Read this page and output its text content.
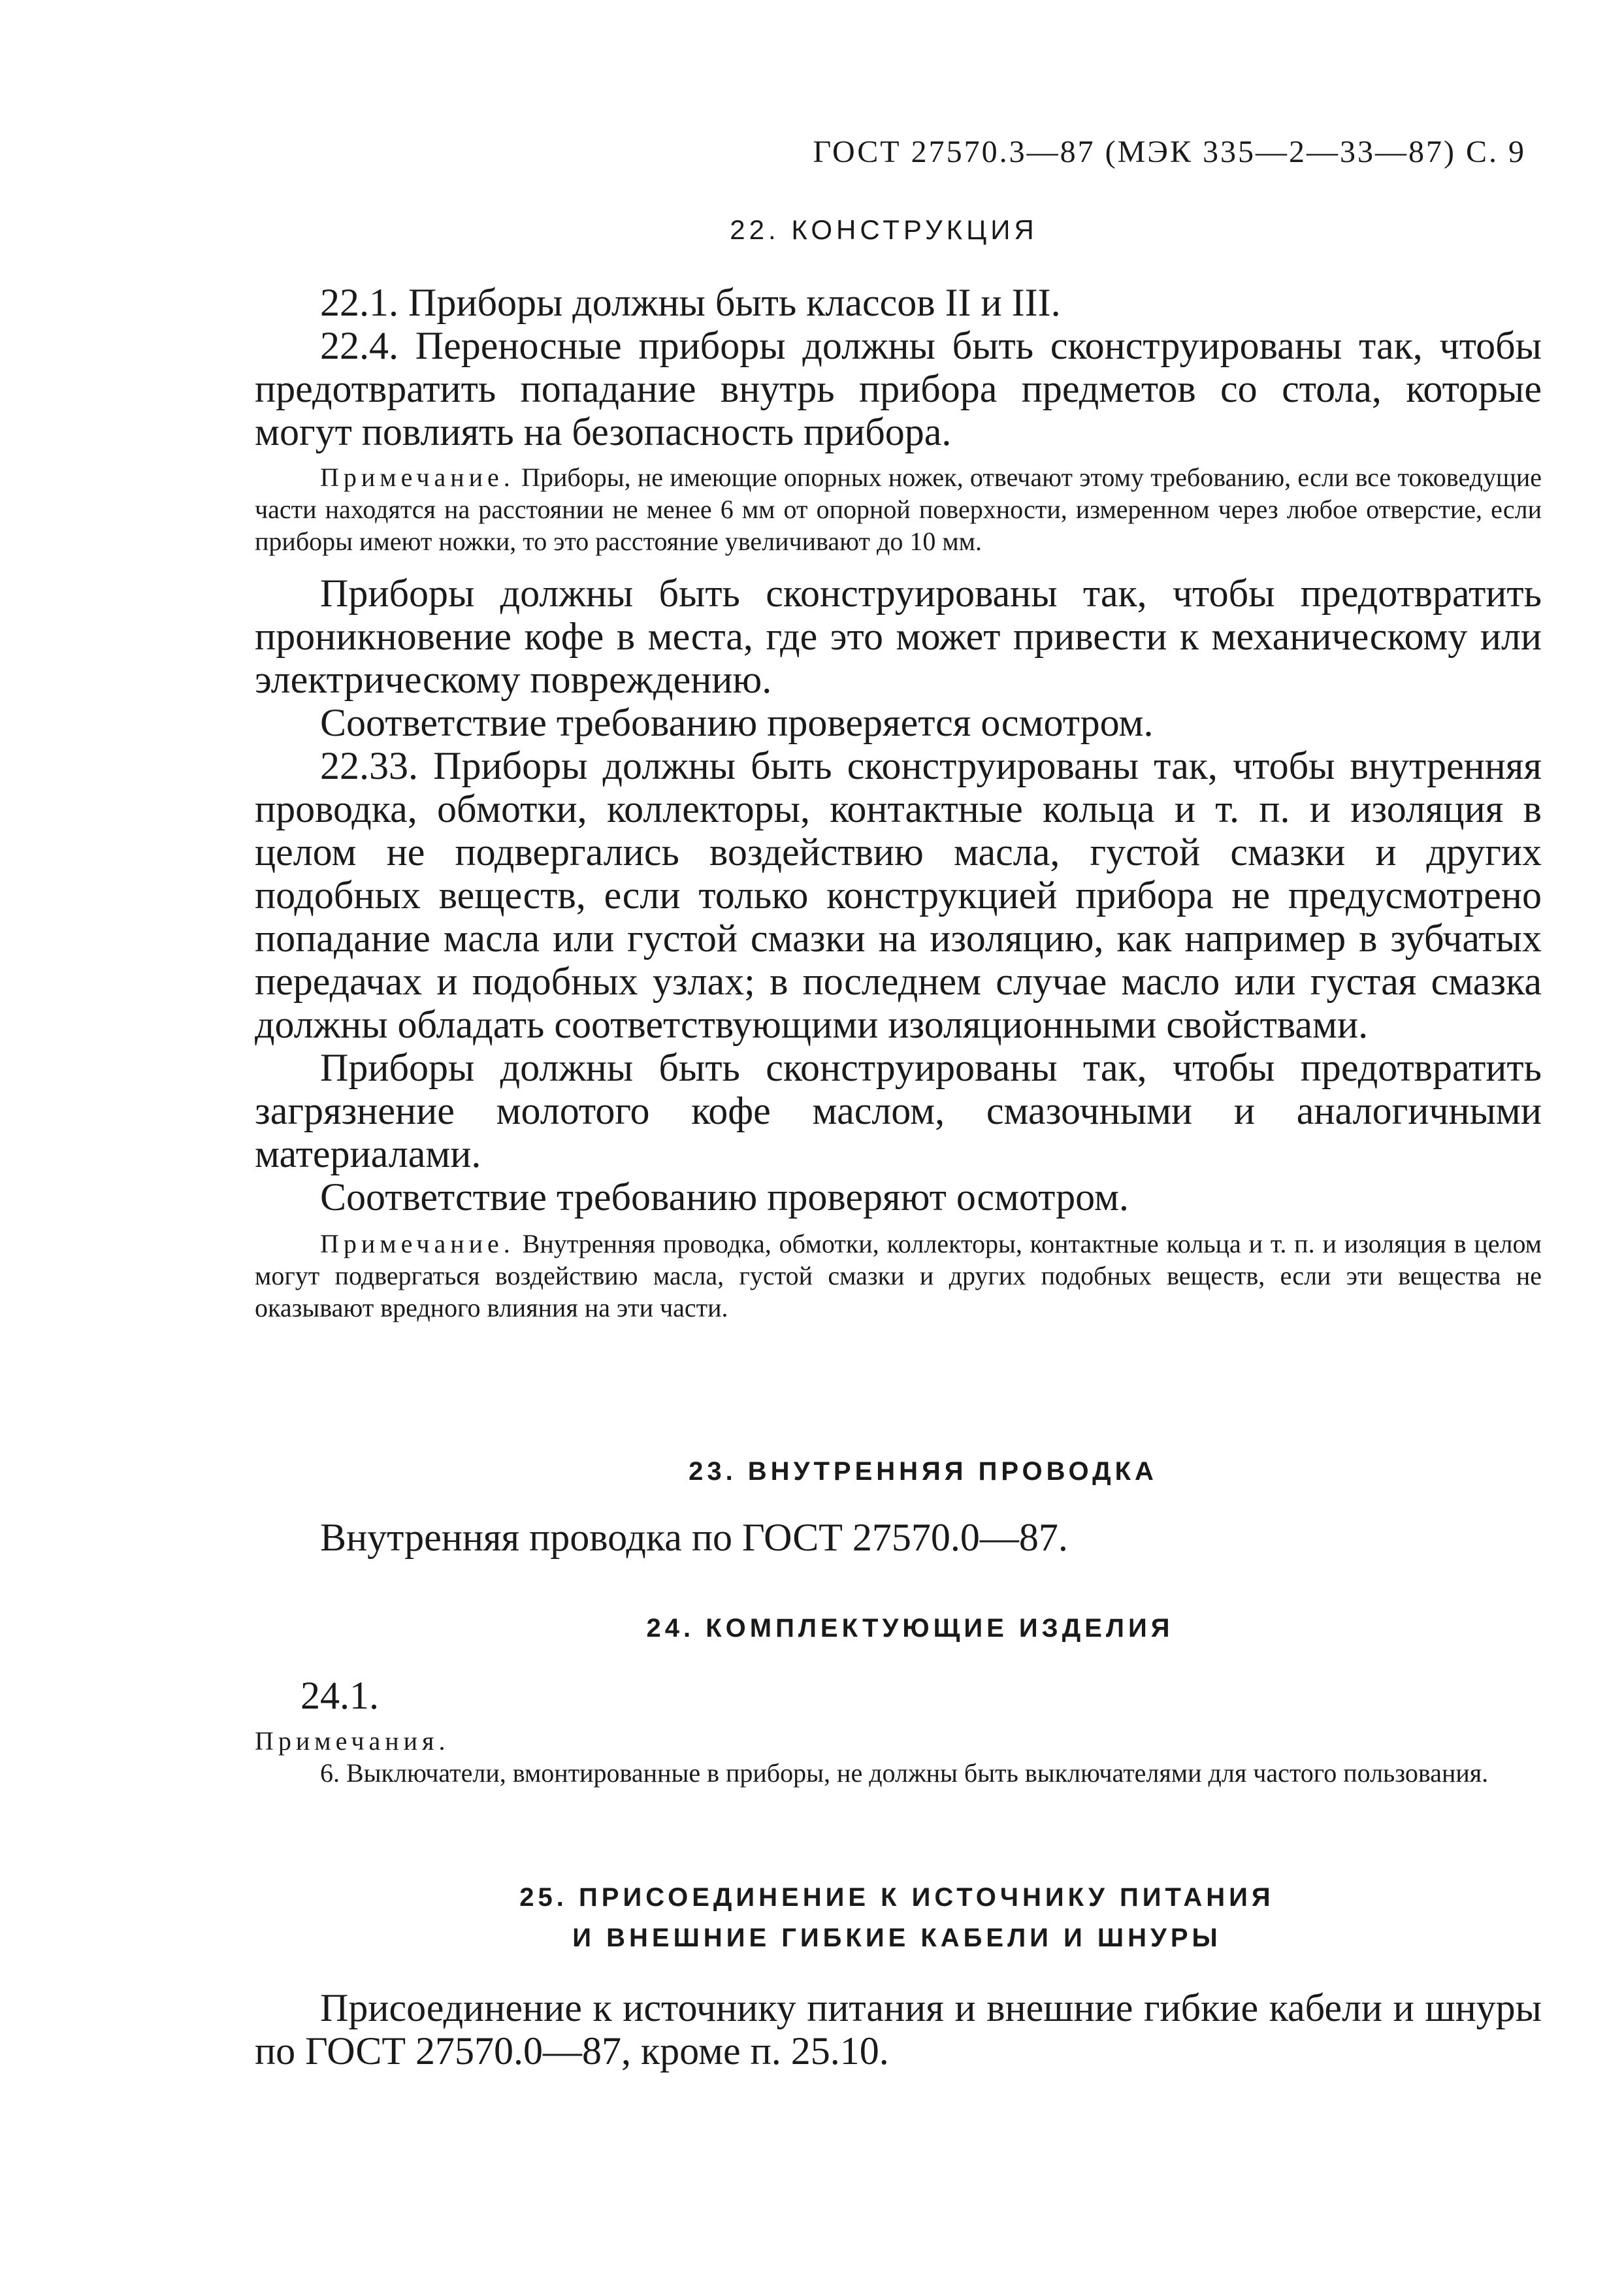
ГОСТ 27570.3—87 (МЭК 335—2—33—87) С. 9
22. КОНСТРУКЦИЯ

22.1. Приборы должны быть классов II и III.

22.4. Переносные приборы должны быть сконструированы так, чтобы предотвратить попадание внутрь прибора предметов со стола, которые могут повлиять на безопасность прибора.

Примечание. Приборы, не имеющие опорных ножек, отвечают этому требованию, если все токоведущие части находятся на расстоянии не менее 6 мм от опорной поверхности, измеренном через любое отверстие, если приборы имеют ножки, то это расстояние увеличивают до 10 мм.

Приборы должны быть сконструированы так, чтобы предотвратить проникновение кофе в места, где это может привести к механическому или электрическому повреждению.

Соответствие требованию проверяется осмотром.

22.33. Приборы должны быть сконструированы так, чтобы внутренняя проводка, обмотки, коллекторы, контактные кольца и т. п. и изоляция в целом не подвергались воздействию масла, густой смазки и других подобных веществ, если только конструкцией прибора не предусмотрено попадание масла или густой смазки на изоляцию, как например в зубчатых передачах и подобных узлах; в последнем случае масло или густая смазка должны обладать соответствующими изоляционными свойствами.

Приборы должны быть сконструированы так, чтобы предотвратить загрязнение молотого кофе маслом, смазочными и аналогичными материалами.

Соответствие требованию проверяют осмотром.

Примечание. Внутренняя проводка, обмотки, коллекторы, контактные кольца и т. п. и изоляция в целом могут подвергаться воздействию масла, густой смазки и других подобных веществ, если эти вещества не оказывают вредного влияния на эти части.

23. ВНУТРЕННЯЯ ПРОВОДКА

Внутренняя проводка по ГОСТ 27570.0—87.

24. КОМПЛЕКТУЮЩИЕ ИЗДЕЛИЯ

24.1.

Примечания.

6. Выключатели, вмонтированные в приборы, не должны быть выключателями для частого пользования.

25. ПРИСОЕДИНЕНИЕ К ИСТОЧНИКУ ПИТАНИЯ
И ВНЕШНИЕ ГИБКИЕ КАБЕЛИ И ШНУРЫ

Присоединение к источнику питания и внешние гибкие кабели и шнуры по ГОСТ 27570.0—87, кроме п. 25.10.
